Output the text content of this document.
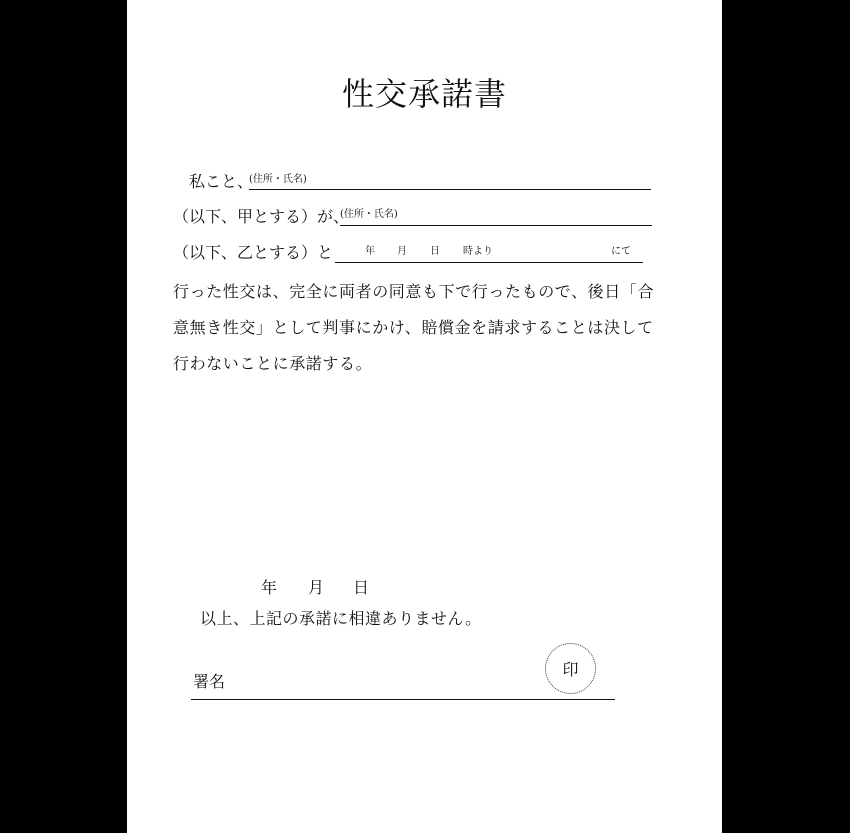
性交承諾書
私こと、
(住所・氏名)
（以下、甲とする）が、
(住所・氏名)
（以下、乙とする）と	年 月 日 時より	にて
行った性交は、完全に両者の同意も下で行ったもので、後日「合
意無き性交」として判事にかけ、賠償金を請求することは決して
行わないことに承諾する。
年 月 日
以上、上記の承諾に相違ありません。
署名
印
